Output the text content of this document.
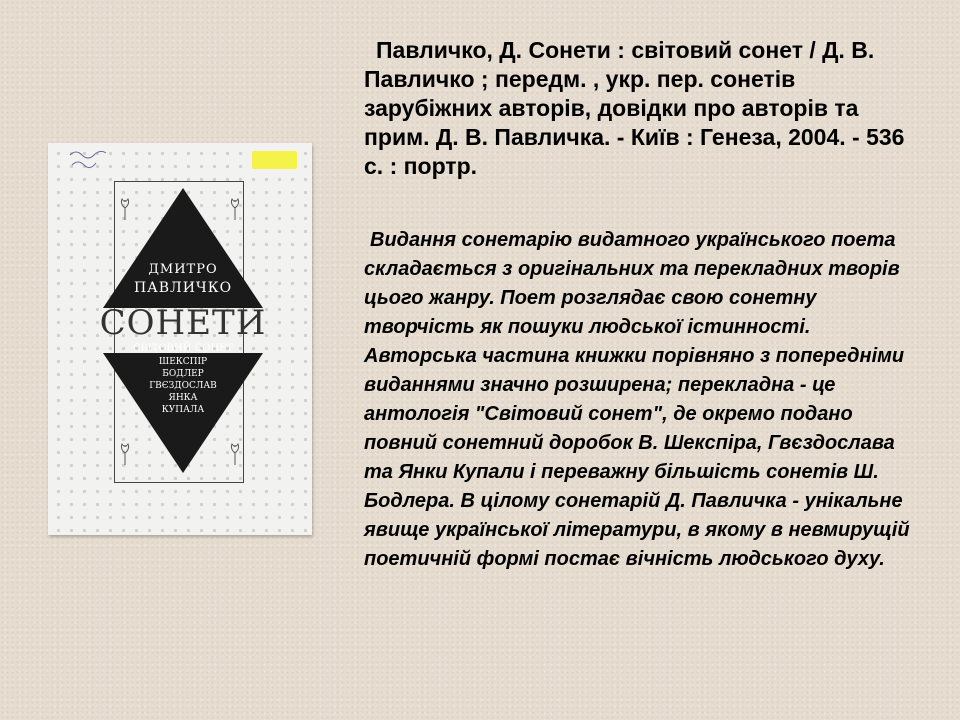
ДМИТРО
ПАВЛИЧКО
СОНЕТИ
СВІТОВИЙ СОНЕТ
ШЕКСПІР
БОДЛЕР
ГВЄЗДОСЛАВ
ЯНКА
КУПАЛА

Павличко, Д. Сонети : світовий сонет / Д. В. Павличко ; передм. , укр. пер. сонетів зарубіжних авторів, довідки про авторів та прим. Д. В. Павличка. - Київ : Генеза, 2004. - 536 с. : портр.

Видання сонетарію видатного українського поета складається з оригінальних та перекладних творів цього жанру. Поет розглядає свою сонетну творчість як пошуки людської істинності. Авторська частина книжки порівняно з попередніми виданнями значно розширена; перекладна - це антологія "Світовий сонет", де окремо подано повний сонетний доробок В. Шекспіра, Гвєздослава та Янки Купали і переважну більшість сонетів Ш. Бодлера. В цілому сонетарій Д. Павличка - унікальне явище української літератури, в якому в невмирущій поетичній формі постає вічність людського духу.
